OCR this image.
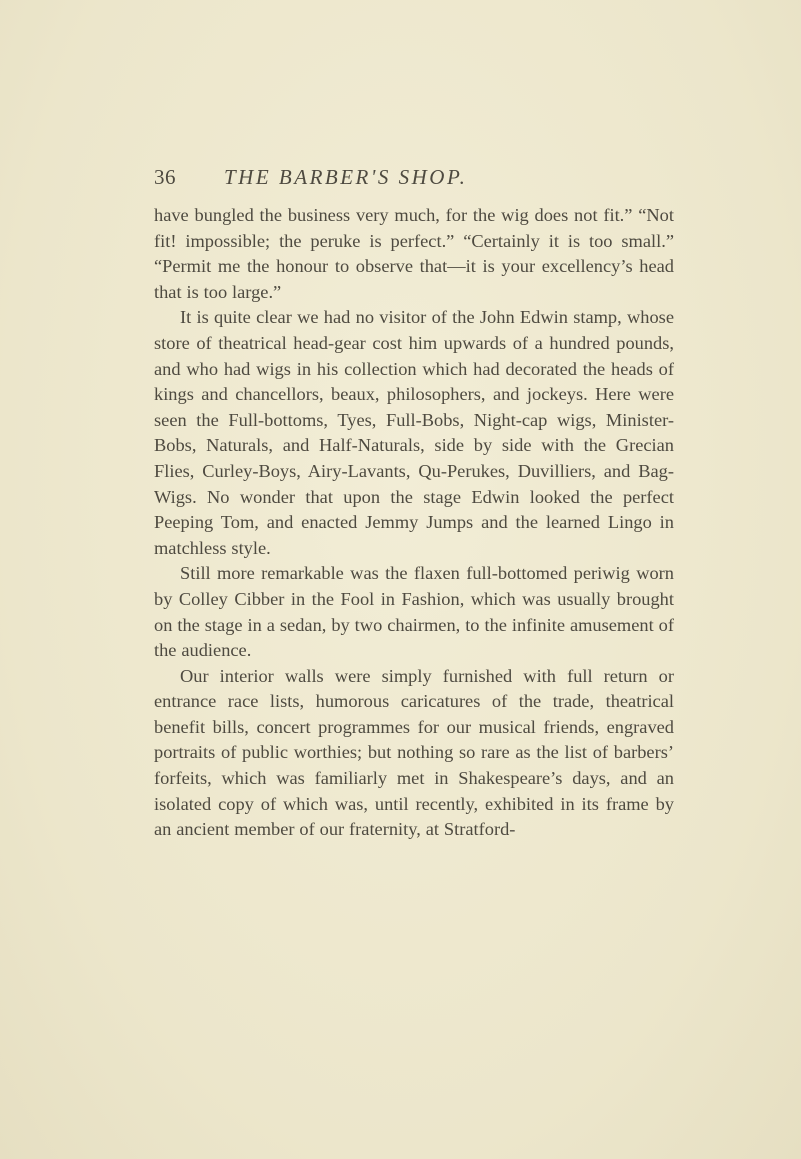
36 THE BARBER'S SHOP.

have bungled the business very much, for the wig does not fit.” “Not fit! impossible; the peruke is perfect.” “Certainly it is too small.” “Permit me the honour to observe that—it is your excellency’s head that is too large.”

It is quite clear we had no visitor of the John Edwin stamp, whose store of theatrical head-gear cost him upwards of a hundred pounds, and who had wigs in his collection which had decorated the heads of kings and chancellors, beaux, philosophers, and jockeys. Here were seen the Full-bottoms, Tyes, Full-Bobs, Night-cap wigs, Minister-Bobs, Naturals, and Half-Naturals, side by side with the Grecian Flies, Curley-Boys, Airy-Lavants, Qu-Perukes, Duvilliers, and Bag-Wigs. No wonder that upon the stage Edwin looked the perfect Peeping Tom, and enacted Jemmy Jumps and the learned Lingo in matchless style.

Still more remarkable was the flaxen full-bottomed periwig worn by Colley Cibber in the Fool in Fashion, which was usually brought on the stage in a sedan, by two chairmen, to the infinite amusement of the audience.

Our interior walls were simply furnished with full return or entrance race lists, humorous caricatures of the trade, theatrical benefit bills, concert programmes for our musical friends, engraved portraits of public worthies; but nothing so rare as the list of barbers’ forfeits, which was familiarly met in Shakespeare’s days, and an isolated copy of which was, until recently, exhibited in its frame by an ancient member of our fraternity, at Stratford-
